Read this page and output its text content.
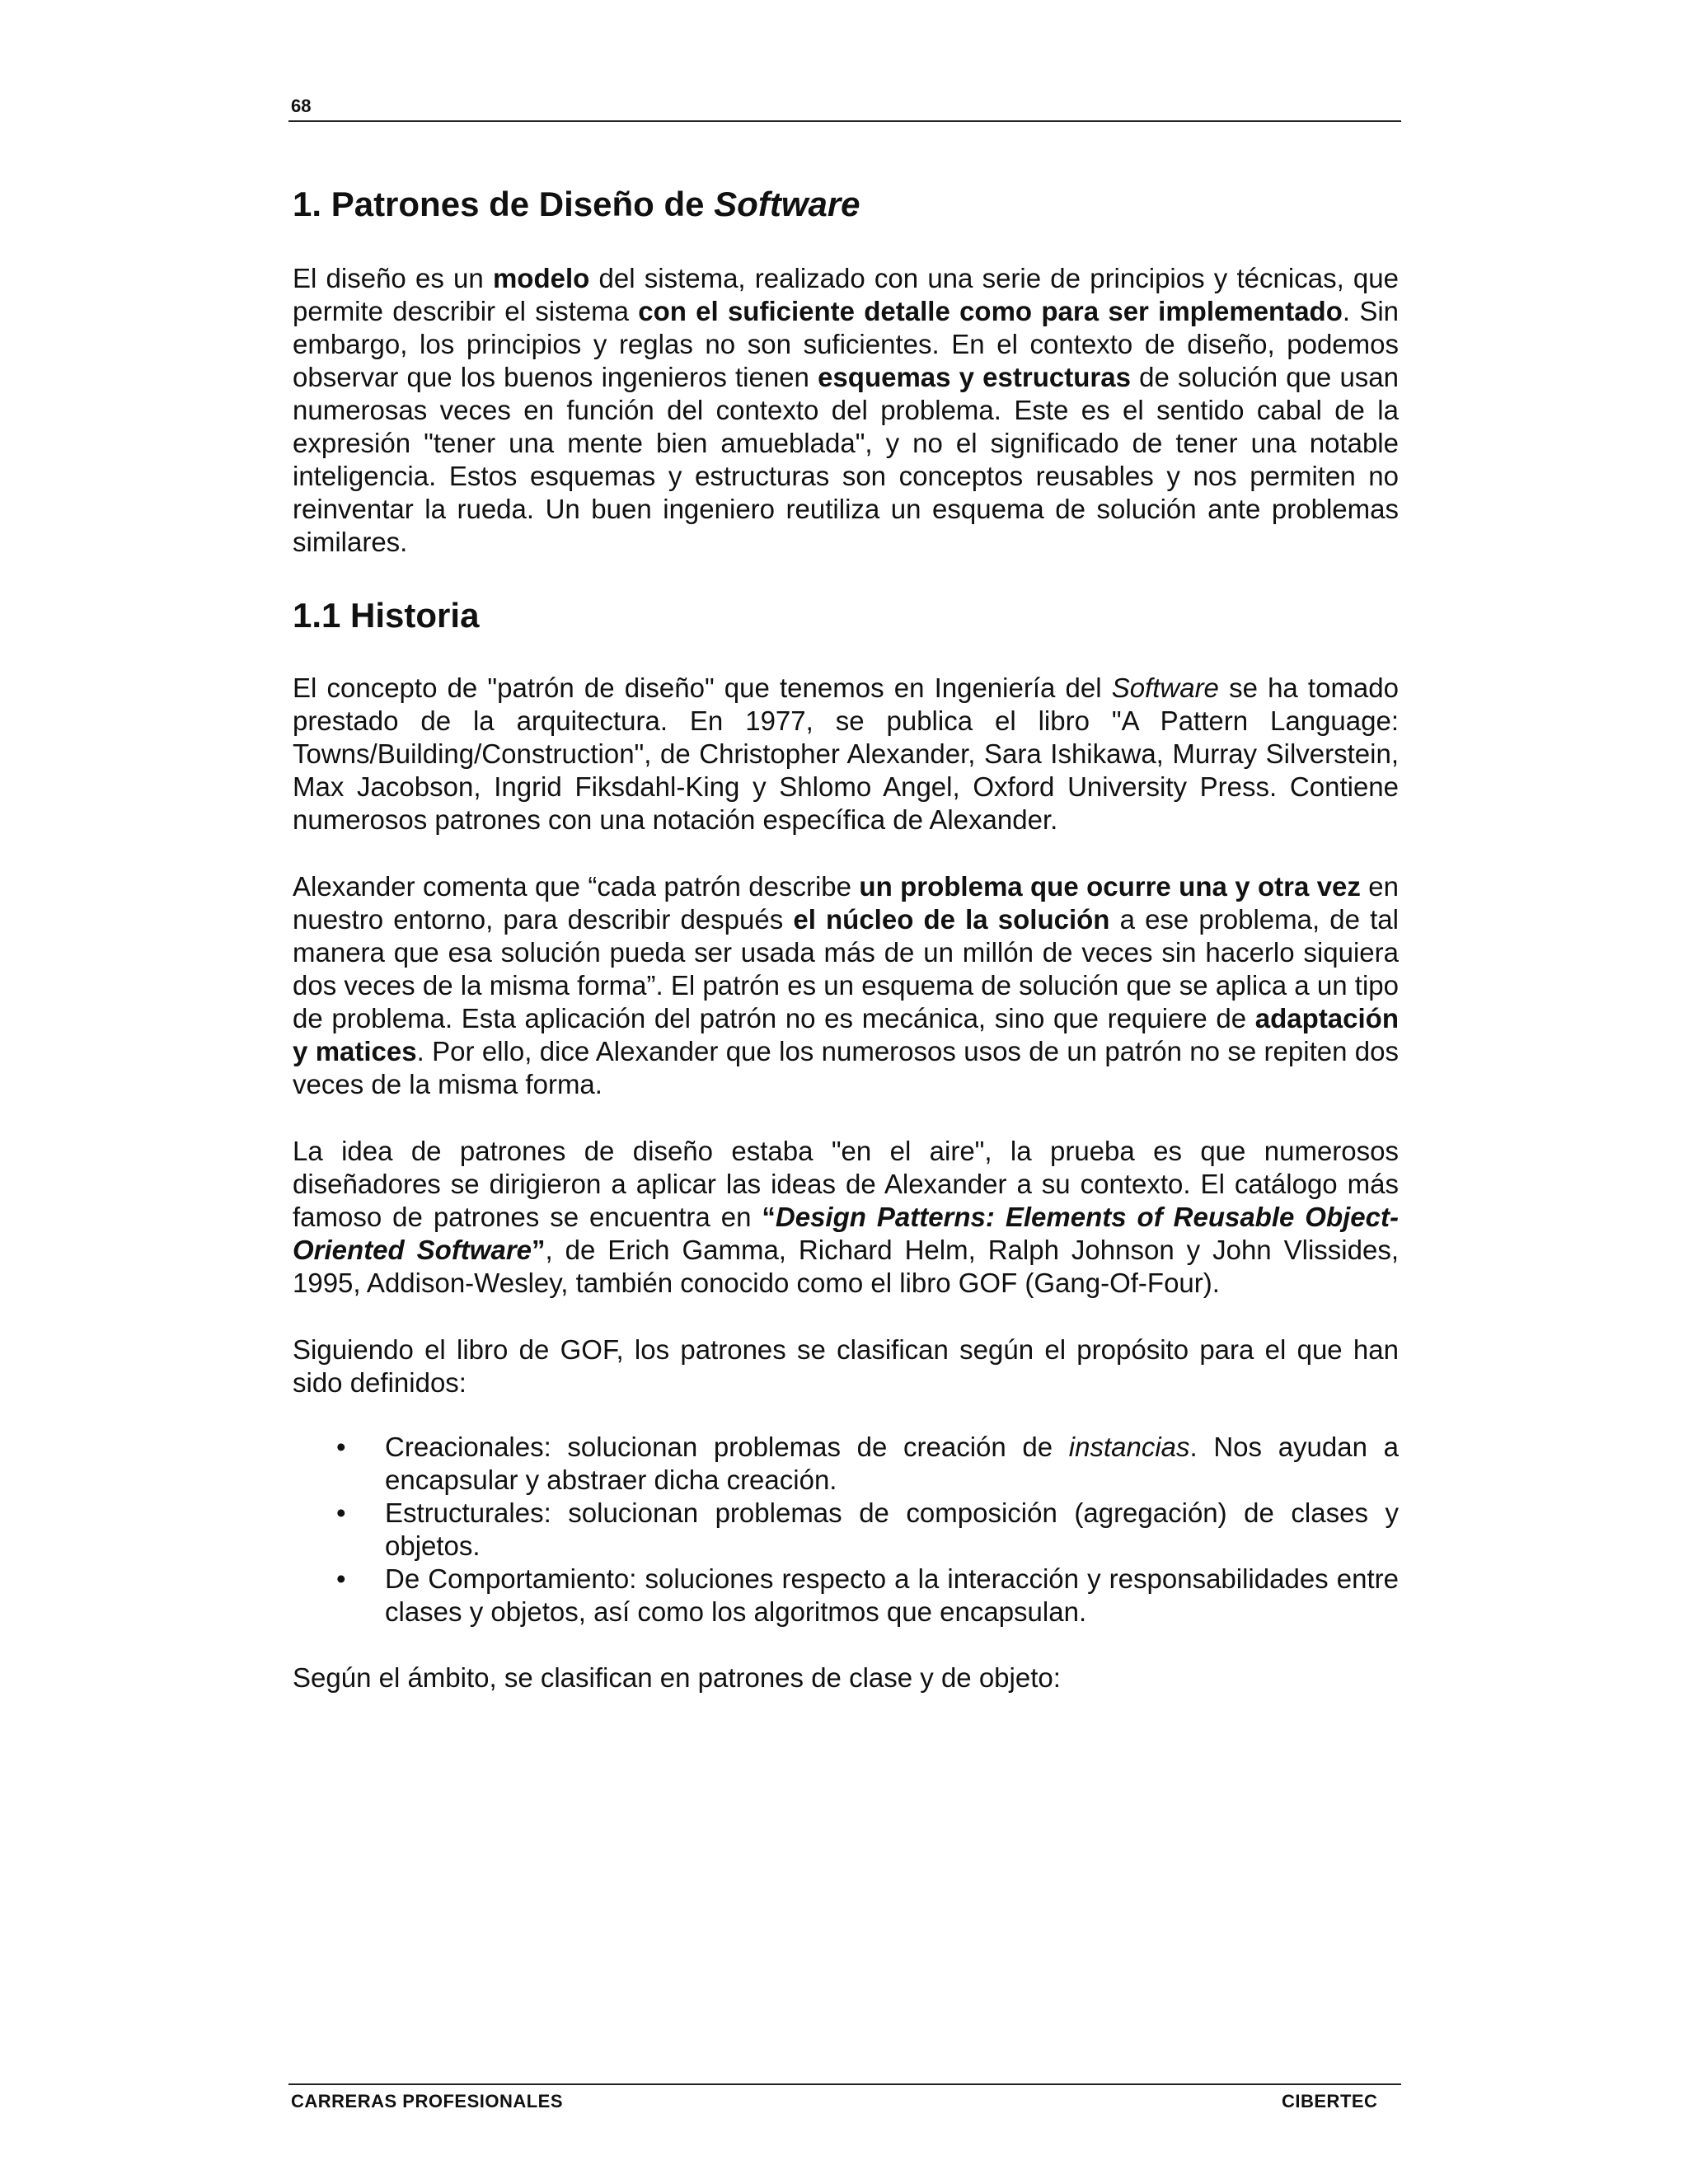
68
1. Patrones de Diseño de Software

El diseño es un modelo del sistema, realizado con una serie de principios y técnicas, que permite describir el sistema con el suficiente detalle como para ser implementado. Sin embargo, los principios y reglas no son suficientes. En el contexto de diseño, podemos observar que los buenos ingenieros tienen esquemas y estructuras de solución que usan numerosas veces en función del contexto del problema. Este es el sentido cabal de la expresión "tener una mente bien amueblada", y no el significado de tener una notable inteligencia. Estos esquemas y estructuras son conceptos reusables y nos permiten no reinventar la rueda. Un buen ingeniero reutiliza un esquema de solución ante problemas similares.

1.1 Historia

El concepto de "patrón de diseño" que tenemos en Ingeniería del Software se ha tomado prestado de la arquitectura. En 1977, se publica el libro "A Pattern Language: Towns/Building/Construction", de Christopher Alexander, Sara Ishikawa, Murray Silverstein, Max Jacobson, Ingrid Fiksdahl-King y Shlomo Angel, Oxford University Press. Contiene numerosos patrones con una notación específica de Alexander.

Alexander comenta que “cada patrón describe un problema que ocurre una y otra vez en nuestro entorno, para describir después el núcleo de la solución a ese problema, de tal manera que esa solución pueda ser usada más de un millón de veces sin hacerlo siquiera dos veces de la misma forma”. El patrón es un esquema de solución que se aplica a un tipo de problema. Esta aplicación del patrón no es mecánica, sino que requiere de adaptación y matices. Por ello, dice Alexander que los numerosos usos de un patrón no se repiten dos veces de la misma forma.

La idea de patrones de diseño estaba "en el aire", la prueba es que numerosos diseñadores se dirigieron a aplicar las ideas de Alexander a su contexto. El catálogo más famoso de patrones se encuentra en “Design Patterns: Elements of Reusable Object-Oriented Software”, de Erich Gamma, Richard Helm, Ralph Johnson y John Vlissides, 1995, Addison-Wesley, también conocido como el libro GOF (Gang-Of-Four).

Siguiendo el libro de GOF, los patrones se clasifican según el propósito para el que han sido definidos:

• Creacionales: solucionan problemas de creación de instancias. Nos ayudan a encapsular y abstraer dicha creación.
• Estructurales: solucionan problemas de composición (agregación) de clases y objetos.
• De Comportamiento: soluciones respecto a la interacción y responsabilidades entre clases y objetos, así como los algoritmos que encapsulan.

Según el ámbito, se clasifican en patrones de clase y de objeto:

CARRERAS PROFESIONALES	CIBERTEC
